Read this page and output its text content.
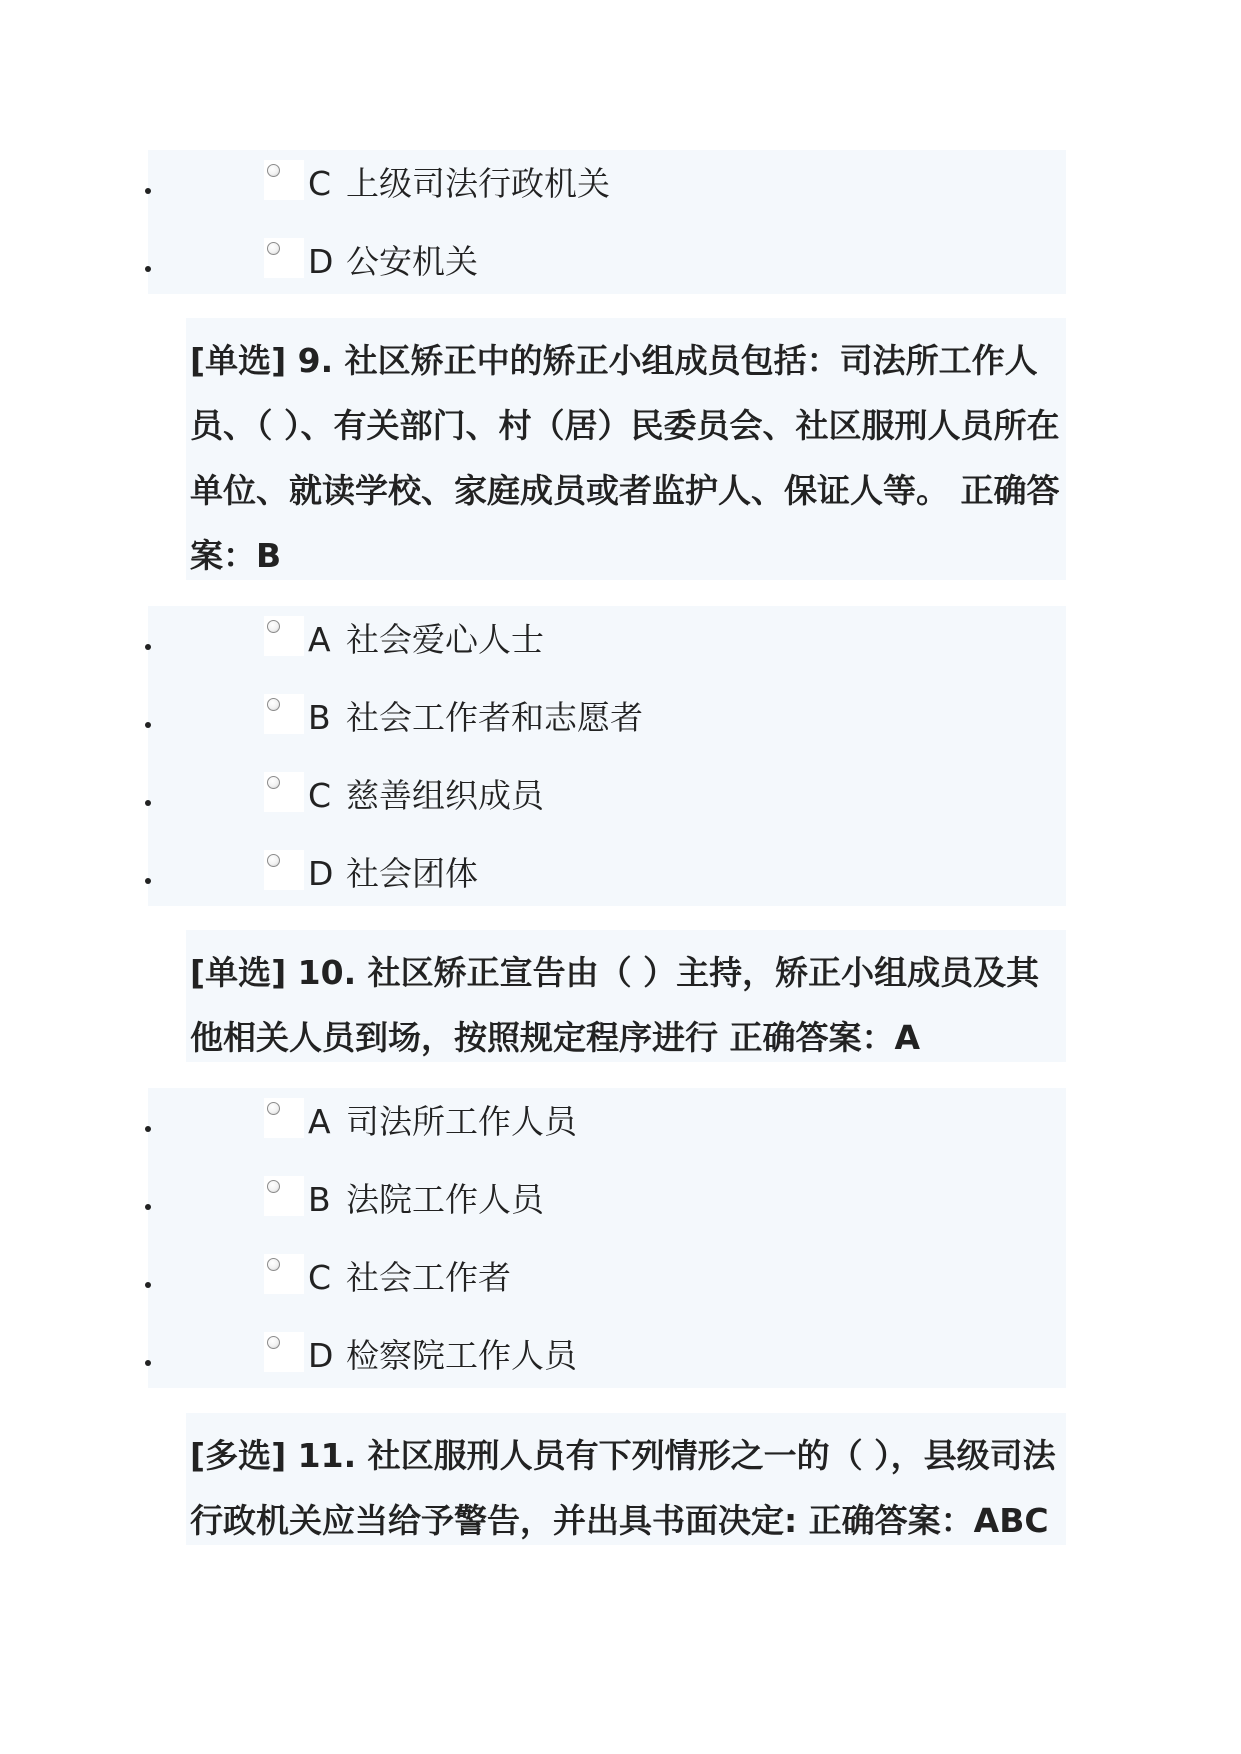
C 上级司法行政机关
D 公安机关
[单选] 9. 社区矫正中的矫正小组成员包括：司法所工作人员、（ ）、有关部门、村（居）民委员会、社区服刑人员所在单位、就读学校、家庭成员或者监护人、保证人等。 正确答案：B
A 社会爱心人士
B 社会工作者和志愿者
C 慈善组织成员
D 社会团体
[单选] 10. 社区矫正宣告由（ ）主持，矫正小组成员及其他相关人员到场，按照规定程序进行 正确答案：A
A 司法所工作人员
B 法院工作人员
C 社会工作者
D 检察院工作人员
[多选] 11. 社区服刑人员有下列情形之一的（ ），县级司法行政机关应当给予警告，并出具书面决定: 正确答案：ABC
